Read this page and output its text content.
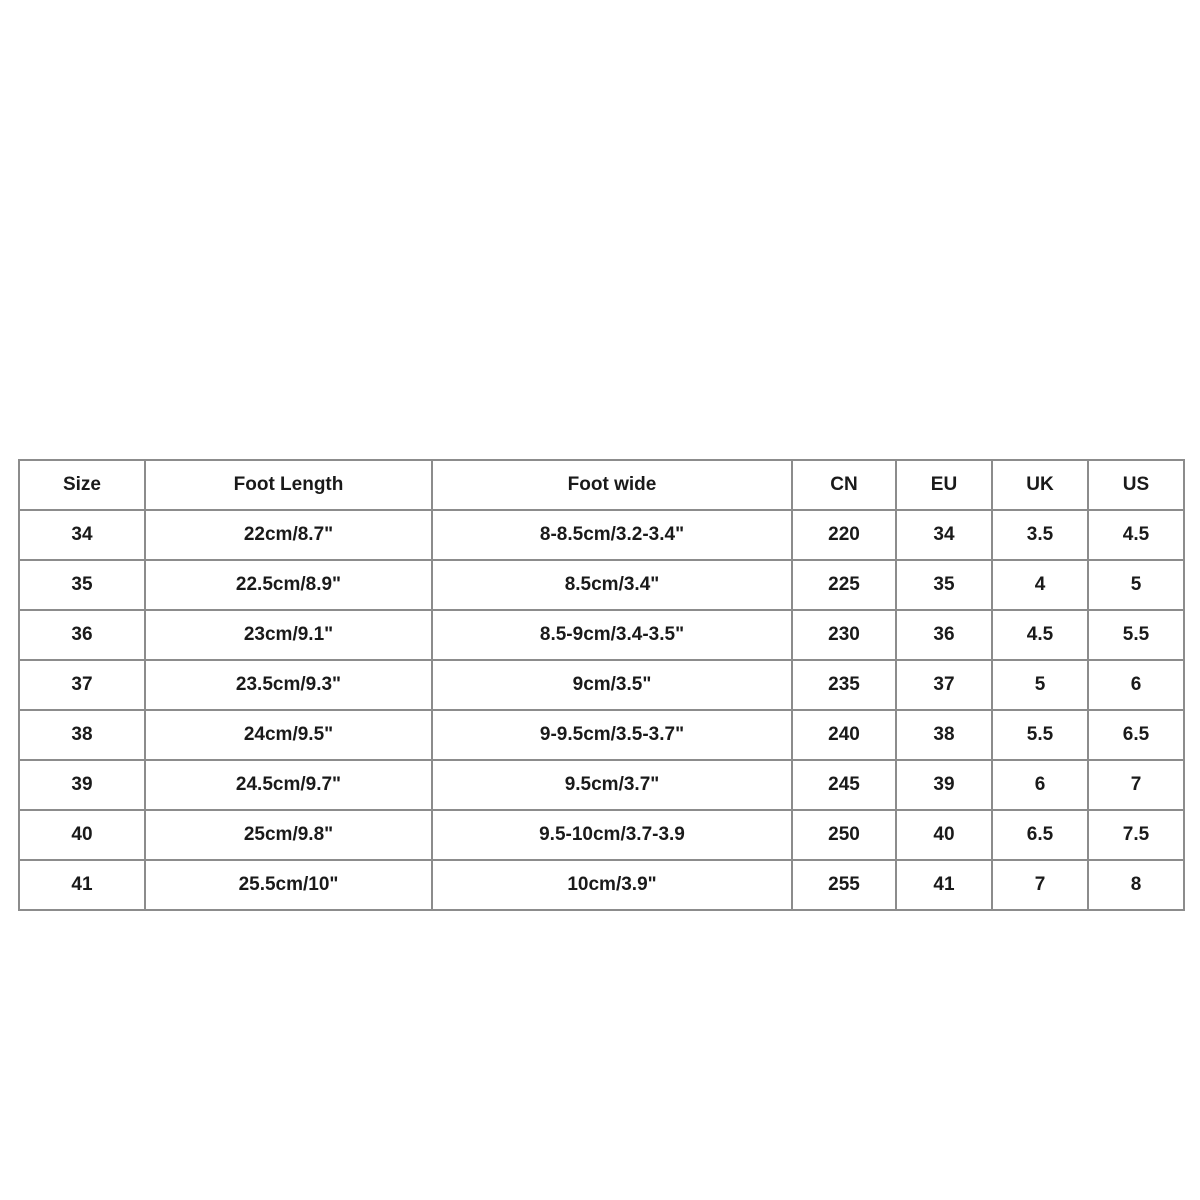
Size	Foot Length	Foot wide	CN	EU	UK	US
34	22cm/8.7"	8-8.5cm/3.2-3.4"	220	34	3.5	4.5
35	22.5cm/8.9"	8.5cm/3.4"	225	35	4	5
36	23cm/9.1"	8.5-9cm/3.4-3.5"	230	36	4.5	5.5
37	23.5cm/9.3"	9cm/3.5"	235	37	5	6
38	24cm/9.5"	9-9.5cm/3.5-3.7"	240	38	5.5	6.5
39	24.5cm/9.7"	9.5cm/3.7"	245	39	6	7
40	25cm/9.8"	9.5-10cm/3.7-3.9	250	40	6.5	7.5
41	25.5cm/10"	10cm/3.9"	255	41	7	8
